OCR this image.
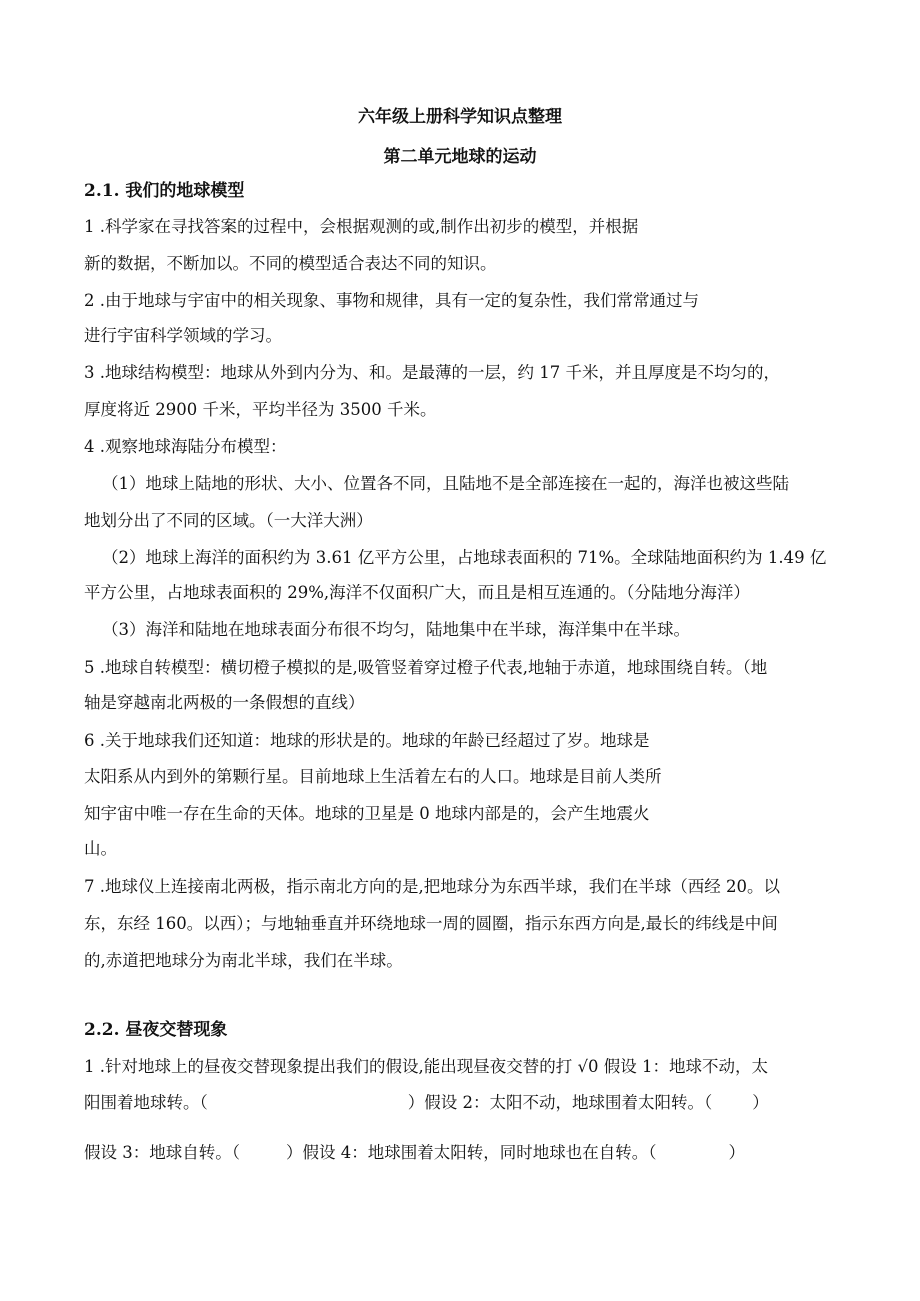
六年级上册科学知识点整理
第二单元地球的运动
2.1. 我们的地球模型
1 .科学家在寻找答案的过程中，会根据观测的或,制作出初步的模型，并根据
新的数据，不断加以。不同的模型适合表达不同的知识。
2 .由于地球与宇宙中的相关现象、事物和规律，具有一定的复杂性，我们常常通过与
进行宇宙科学领域的学习。
3 .地球结构模型：地球从外到内分为、和。是最薄的一层，约 17 千米，并且厚度是不均匀的，
厚度将近 2900 千米，平均半径为 3500 千米。
4 .观察地球海陆分布模型：
（1）地球上陆地的形状、大小、位置各不同，且陆地不是全部连接在一起的，海洋也被这些陆
地划分出了不同的区域。（一大洋大洲）
（2）地球上海洋的面积约为 3.61 亿平方公里，占地球表面积的 71%。全球陆地面积约为 1.49 亿
平方公里，占地球表面积的 29%,海洋不仅面积广大，而且是相互连通的。（分陆地分海洋）
（3）海洋和陆地在地球表面分布很不均匀，陆地集中在半球，海洋集中在半球。
5 .地球自转模型：横切橙子模拟的是,吸管竖着穿过橙子代表,地轴于赤道，地球围绕自转。（地
轴是穿越南北两极的一条假想的直线）
6 .关于地球我们还知道：地球的形状是的。地球的年龄已经超过了岁。地球是
太阳系从内到外的第颗行星。目前地球上生活着左右的人口。地球是目前人类所
知宇宙中唯一存在生命的天体。地球的卫星是 0 地球内部是的，会产生地震火
山。
7 .地球仪上连接南北两极，指示南北方向的是,把地球分为东西半球，我们在半球（西经 20。以
东，东经 160。以西）；与地轴垂直并环绕地球一周的圆圈，指示东西方向是,最长的纬线是中间
的,赤道把地球分为南北半球，我们在半球。
2.2. 昼夜交替现象
1 .针对地球上的昼夜交替现象提出我们的假设,能出现昼夜交替的打 √0 假设 1：地球不动，太
阳围着地球转。（	）假设 2：太阳不动，地球围着太阳转。（ ）
假设 3：地球自转。（	）假设 4：地球围着太阳转，同时地球也在自转。（	）
